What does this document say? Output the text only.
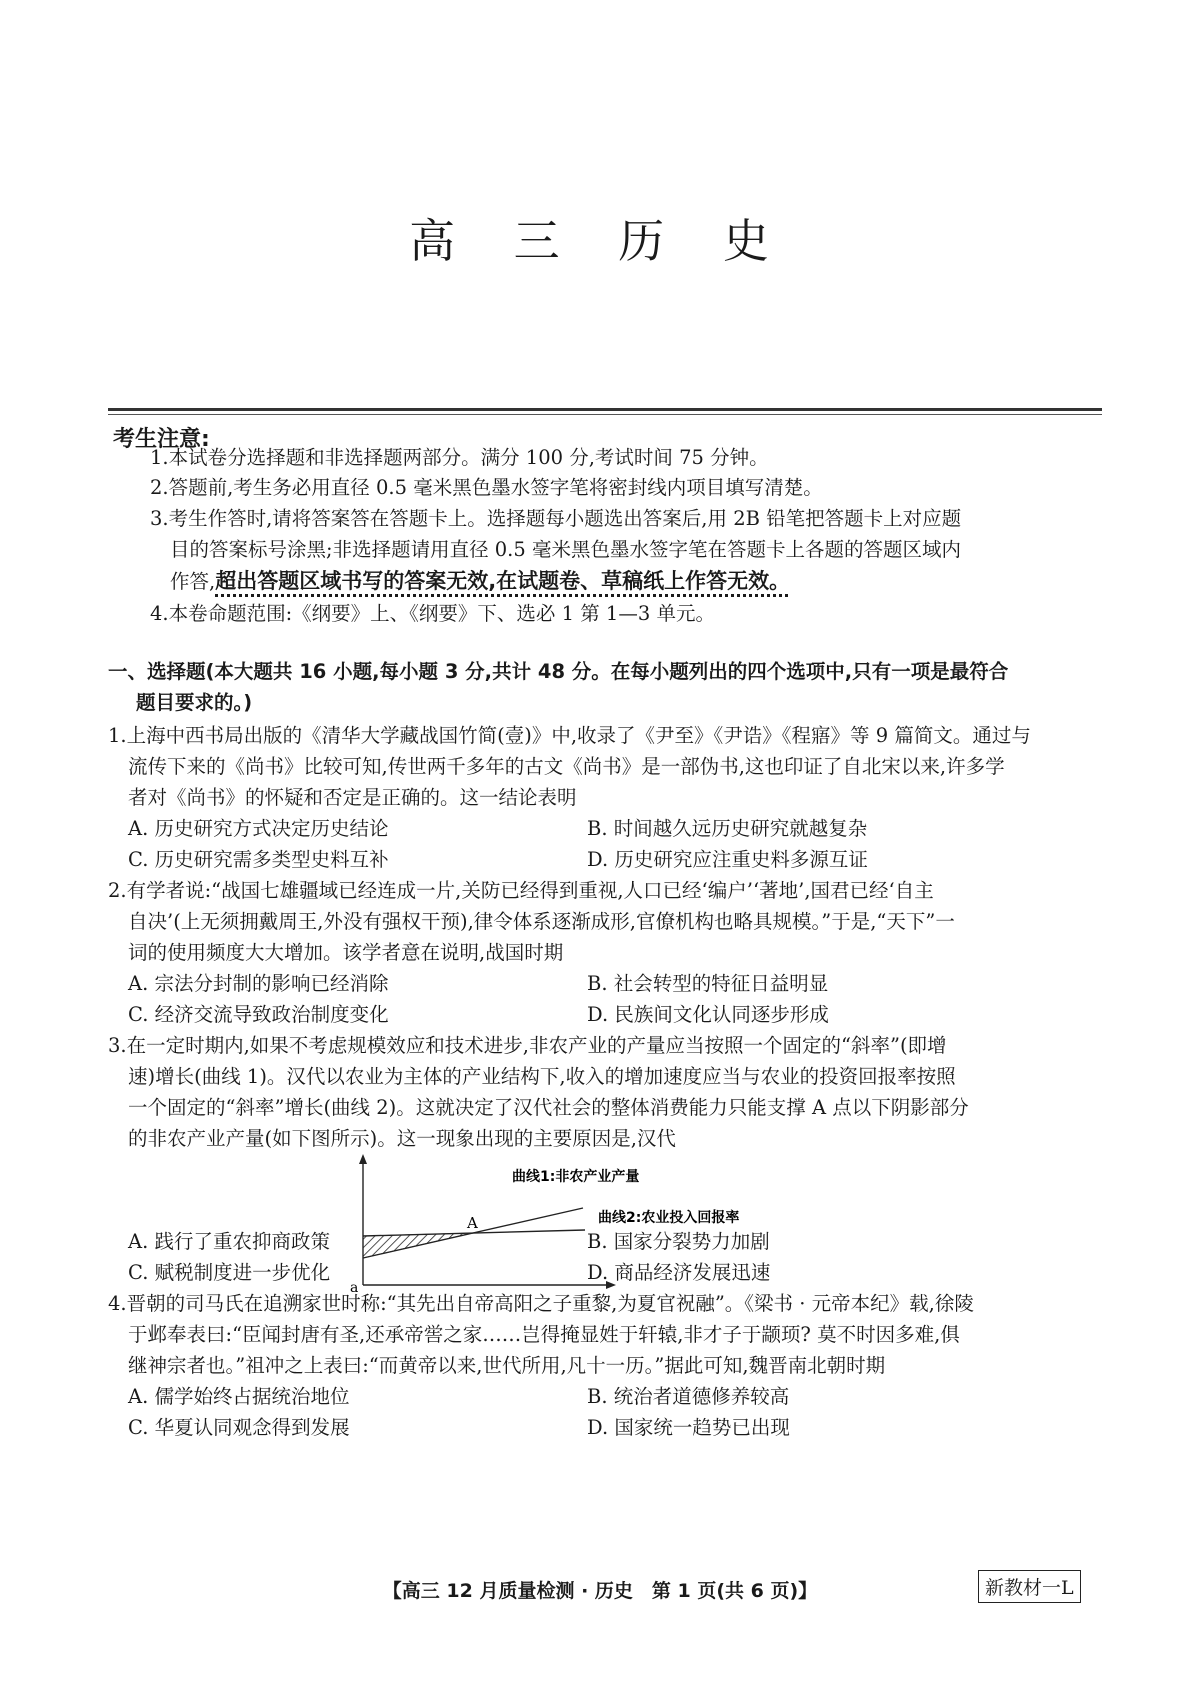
高 三 历 史
考生注意:
1.本试卷分选择题和非选择题两部分。满分 100 分,考试时间 75 分钟。
2.答题前,考生务必用直径 0.5 毫米黑色墨水签字笔将密封线内项目填写清楚。
3.考生作答时,请将答案答在答题卡上。选择题每小题选出答案后,用 2B 铅笔把答题卡上对应题
目的答案标号涂黑;非选择题请用直径 0.5 毫米黑色墨水签字笔在答题卡上各题的答题区域内
作答,超出答题区域书写的答案无效,在试题卷、草稿纸上作答无效。
4.本卷命题范围:《纲要》上、《纲要》下、选必 1 第 1—3 单元。
一、选择题(本大题共 16 小题,每小题 3 分,共计 48 分。在每小题列出的四个选项中,只有一项是最符合
题目要求的。)
1.上海中西书局出版的《清华大学藏战国竹简(壹)》中,收录了《尹至》《尹诰》《程寤》等 9 篇简文。通过与
流传下来的《尚书》比较可知,传世两千多年的古文《尚书》是一部伪书,这也印证了自北宋以来,许多学
者对《尚书》的怀疑和否定是正确的。这一结论表明
A. 历史研究方式决定历史结论	B. 时间越久远历史研究就越复杂
C. 历史研究需多类型史料互补	D. 历史研究应注重史料多源互证
2.有学者说:“战国七雄疆域已经连成一片,关防已经得到重视,人口已经‘编户’‘著地’,国君已经‘自主
自决’(上无须拥戴周王,外没有强权干预),律令体系逐渐成形,官僚机构也略具规模。”于是,“天下”一
词的使用频度大大增加。该学者意在说明,战国时期
A. 宗法分封制的影响已经消除	B. 社会转型的特征日益明显
C. 经济交流导致政治制度变化	D. 民族间文化认同逐步形成
3.在一定时期内,如果不考虑规模效应和技术进步,非农产业的产量应当按照一个固定的“斜率”(即增
速)增长(曲线 1)。汉代以农业为主体的产业结构下,收入的增加速度应当与农业的投资回报率按照
一个固定的“斜率”增长(曲线 2)。这就决定了汉代社会的整体消费能力只能支撑 A 点以下阴影部分
的非农产业产量(如下图所示)。这一现象出现的主要原因是,汉代
a
A
曲线1:非农产业产量
曲线2:农业投入回报率
A. 践行了重农抑商政策	B. 国家分裂势力加剧
C. 赋税制度进一步优化	D. 商品经济发展迅速
4.晋朝的司马氏在追溯家世时称:“其先出自帝高阳之子重黎,为夏官祝融”。《梁书 · 元帝本纪》载,徐陵
于邺奉表曰:“臣闻封唐有圣,还承帝喾之家……岂得掩显姓于轩辕,非才子于颛顼? 莫不时因多难,俱
继神宗者也。”祖冲之上表曰:“而黄帝以来,世代所用,凡十一历。”据此可知,魏晋南北朝时期
A. 儒学始终占据统治地位	B. 统治者道德修养较高
C. 华夏认同观念得到发展	D. 国家统一趋势已出现
【高三 12 月质量检测 · 历史　第 1 页(共 6 页)】	新教材一L
